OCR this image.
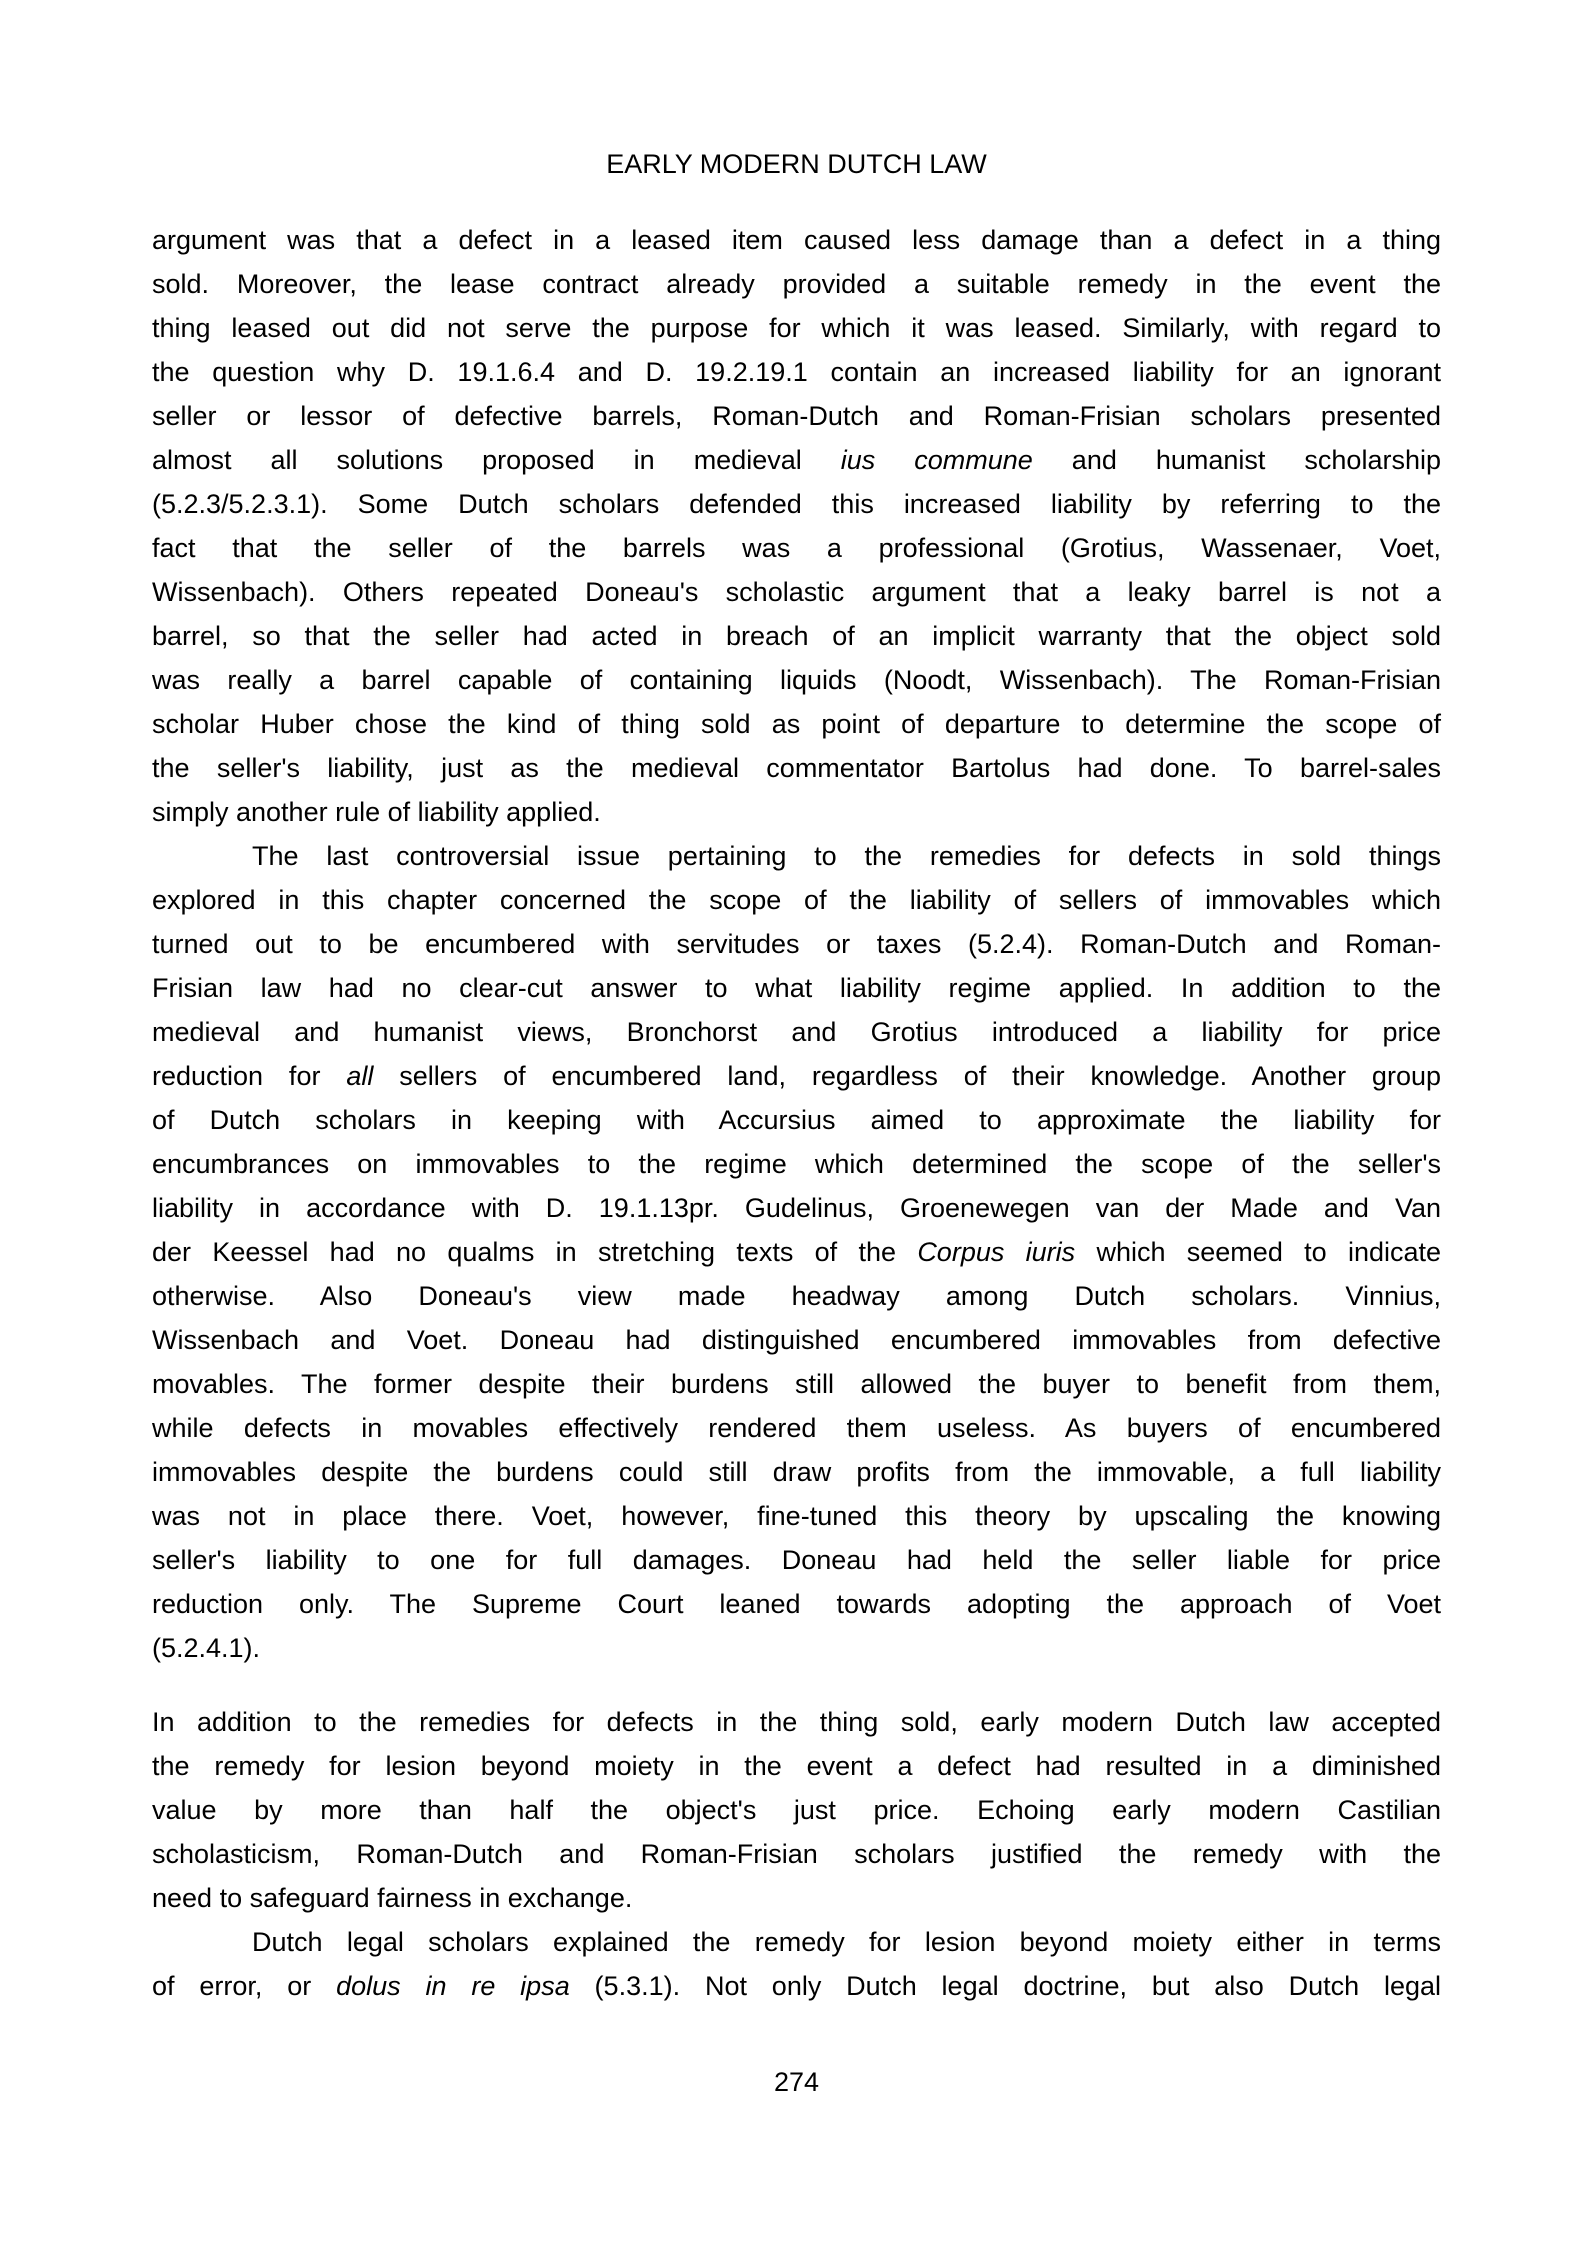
EARLY MODERN DUTCH LAW
argument was that a defect in a leased item caused less damage than a defect in a thing
sold. Moreover, the lease contract already provided a suitable remedy in the event the
thing leased out did not serve the purpose for which it was leased. Similarly, with regard to
the question why D. 19.1.6.4 and D. 19.2.19.1 contain an increased liability for an ignorant
seller or lessor of defective barrels, Roman-Dutch and Roman-Frisian scholars presented
almost all solutions proposed in medieval ius commune and humanist scholarship
(5.2.3/5.2.3.1). Some Dutch scholars defended this increased liability by referring to the
fact that the seller of the barrels was a professional (Grotius, Wassenaer, Voet,
Wissenbach). Others repeated Doneau's scholastic argument that a leaky barrel is not a
barrel, so that the seller had acted in breach of an implicit warranty that the object sold
was really a barrel capable of containing liquids (Noodt, Wissenbach). The Roman-Frisian
scholar Huber chose the kind of thing sold as point of departure to determine the scope of
the seller's liability, just as the medieval commentator Bartolus had done. To barrel-sales
simply another rule of liability applied.
The last controversial issue pertaining to the remedies for defects in sold things
explored in this chapter concerned the scope of the liability of sellers of immovables which
turned out to be encumbered with servitudes or taxes (5.2.4). Roman-Dutch and Roman-
Frisian law had no clear-cut answer to what liability regime applied. In addition to the
medieval and humanist views, Bronchorst and Grotius introduced a liability for price
reduction for all sellers of encumbered land, regardless of their knowledge. Another group
of Dutch scholars in keeping with Accursius aimed to approximate the liability for
encumbrances on immovables to the regime which determined the scope of the seller's
liability in accordance with D. 19.1.13pr. Gudelinus, Groenewegen van der Made and Van
der Keessel had no qualms in stretching texts of the Corpus iuris which seemed to indicate
otherwise. Also Doneau's view made headway among Dutch scholars. Vinnius,
Wissenbach and Voet. Doneau had distinguished encumbered immovables from defective
movables. The former despite their burdens still allowed the buyer to benefit from them,
while defects in movables effectively rendered them useless. As buyers of encumbered
immovables despite the burdens could still draw profits from the immovable, a full liability
was not in place there. Voet, however, fine-tuned this theory by upscaling the knowing
seller's liability to one for full damages. Doneau had held the seller liable for price
reduction only. The Supreme Court leaned towards adopting the approach of Voet
(5.2.4.1).
In addition to the remedies for defects in the thing sold, early modern Dutch law accepted
the remedy for lesion beyond moiety in the event a defect had resulted in a diminished
value by more than half the object's just price. Echoing early modern Castilian
scholasticism, Roman-Dutch and Roman-Frisian scholars justified the remedy with the
need to safeguard fairness in exchange.
Dutch legal scholars explained the remedy for lesion beyond moiety either in terms
of error, or dolus in re ipsa (5.3.1). Not only Dutch legal doctrine, but also Dutch legal
274
